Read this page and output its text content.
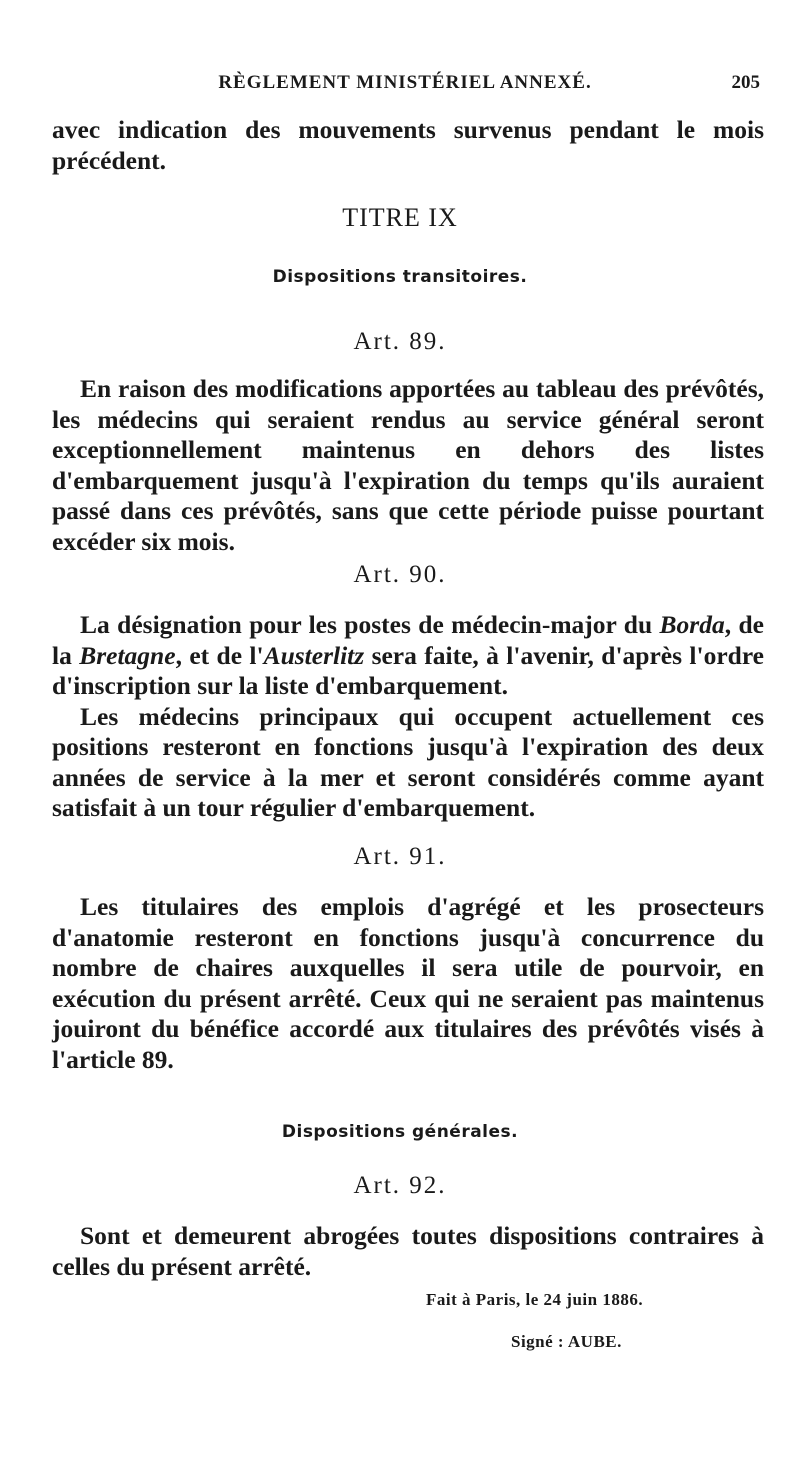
RÈGLEMENT MINISTÉRIEL ANNEXÉ.	205

avec indication des mouvements survenus pendant le mois précédent.

TITRE IX
Dispositions transitoires.
Art. 89.

En raison des modifications apportées au tableau des prévôtés, les médecins qui seraient rendus au service général seront exceptionnellement maintenus en dehors des listes d'embarquement jusqu'à l'expiration du temps qu'ils auraient passé dans ces prévôtés, sans que cette période puisse pourtant excéder six mois.

Art. 90.

La désignation pour les postes de médecin-major du Borda, de la Bretagne, et de l'Austerlitz sera faite, à l'avenir, d'après l'ordre d'inscription sur la liste d'embarquement.

Les médecins principaux qui occupent actuellement ces positions resteront en fonctions jusqu'à l'expiration des deux années de service à la mer et seront considérés comme ayant satisfait à un tour régulier d'embarquement.

Art. 91.

Les titulaires des emplois d'agrégé et les prosecteurs d'anatomie resteront en fonctions jusqu'à concurrence du nombre de chaires auxquelles il sera utile de pourvoir, en exécution du présent arrêté. Ceux qui ne seraient pas maintenus jouiront du bénéfice accordé aux titulaires des prévôtés visés à l'article 89.

Dispositions générales.
Art. 92.

Sont et demeurent abrogées toutes dispositions contraires à celles du présent arrêté.

Fait à Paris, le 24 juin 1886.
Signé : AUBE.
